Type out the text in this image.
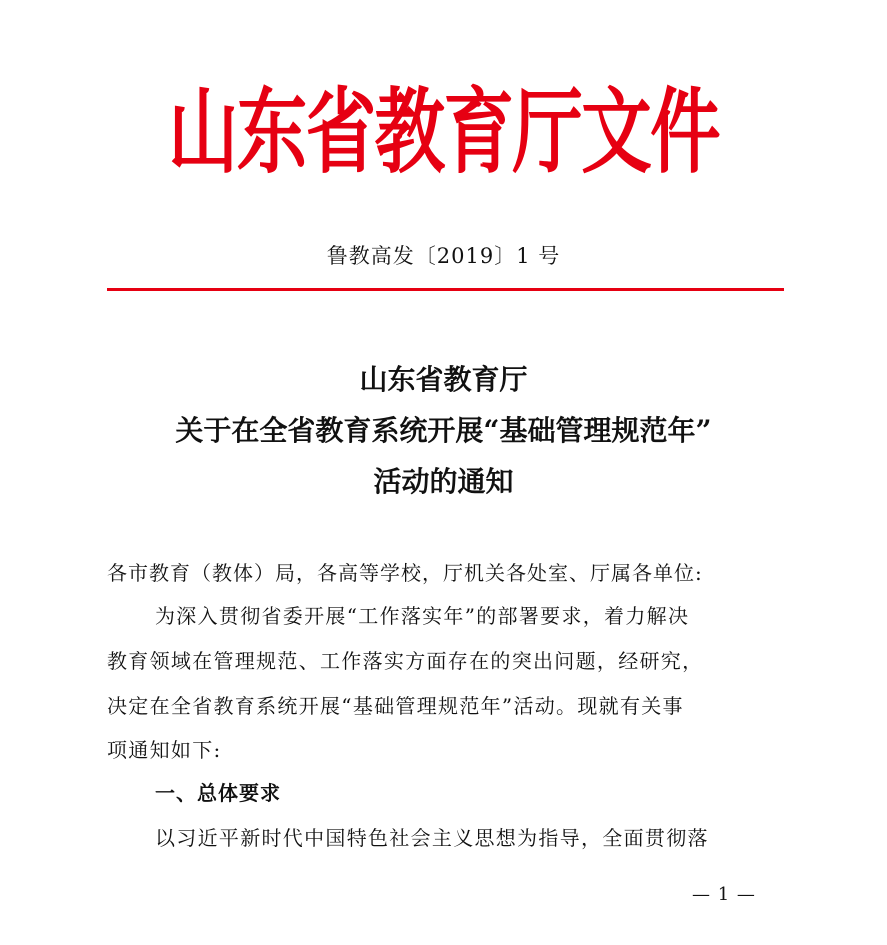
山东省教育厅文件
鲁教高发〔2019〕1 号
山东省教育厅
关于在全省教育系统开展“基础管理规范年”
活动的通知
各市教育（教体）局，各高等学校，厅机关各处室、厅属各单位:
为深入贯彻省委开展“工作落实年”的部署要求，着力解决
教育领域在管理规范、工作落实方面存在的突出问题，经研究，
决定在全省教育系统开展“基础管理规范年”活动。现就有关事
项通知如下:
一、总体要求
以习近平新时代中国特色社会主义思想为指导，全面贯彻落
— 1 —
